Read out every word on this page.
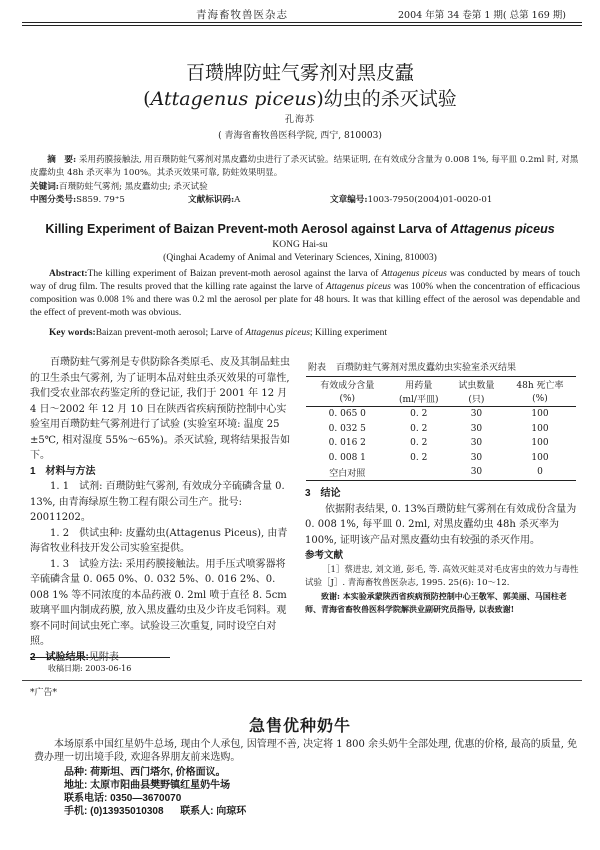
青海畜牧兽医杂志	2004 年第 34 卷第 1 期( 总第 169 期)
百瓒牌防蛀气雾剂对黑皮蠹
(Attagenus piceus)幼虫的杀灭试验
孔海苏
( 青海省畜牧兽医科学院, 西宁, 810003)
摘　要: 采用药膜接触法, 用百瓒防蛀气雾剂对黑皮蠹幼虫进行了杀灭试验。结果证明, 在有效成分含量为 0.008 1%, 每平皿 0.2ml 时, 对黑皮蠹幼虫 48h 杀灭率为 100%。其杀灭效果可靠, 防蛀效果明显。
关键词:百瓒防蛀气雾剂; 黑皮蠹幼虫; 杀灭试验
中图分类号:S859. 79⁺5	文献标识码:A	文章编号:1003-7950(2004)01-0020-01
Killing Experiment of Baizan Prevent-moth Aerosol against Larva of Attagenus piceus
KONG Hai-su
(Qinghai Academy of Animal and Veterinary Sciences, Xining, 810003)
Abstract:The killing experiment of Baizan prevent-moth aerosol against the larva of Attagenus piceus was conducted by mears of touch way of drug film. The results proved that the killing rate against the larve of Attagenus piceus was 100% when the concentration of efficacious composition was 0.008 1% and there was 0.2 ml the aerosol per plate for 48 hours. It was that killing effect of the aerosol was dependable and the effect of prevent-moth was obvious.
Key words:Baizan prevent-moth aerosol; Larve of Attagenus piceus; Killing experiment
百瓒防蛀气雾剂是专供防除各类原毛、皮及其制品蛀虫的卫生杀虫气雾剂, 为了证明本品对蛀虫杀灭效果的可靠性, 我们受农业部农药鉴定所的登记证, 我们于 2001 年 12 月 4 日～2002 年 12 月 10 日在陕西省疾病预防控制中心实验室用百瓒防蛀气雾剂进行了试验 (实验室环境: 温度 25 ±5℃, 相对湿度 55%～65%)。杀灭试验, 现将结果报告如下。
1　材料与方法
1. 1　试剂: 百瓒防蛀气雾剂, 有效成分辛硫磷含量 0. 13%, 由青海绿原生物工程有限公司生产。批号: 20011202。
1. 2　供试虫种: 皮蠹幼虫(Attagenus Piceus), 由青海省牧业科技开发公司实验室提供。
1. 3　试验方法: 采用药膜接触法。用手压式喷雾器将辛硫磷含量 0. 065 0%、0. 032 5%、0. 016 2%、0. 008 1% 等不同浓度的本品药液 0. 2ml 喷于直径 8. 5cm 玻璃平皿内制成药膜, 放入黑皮蠹幼虫及少许皮毛饲料。观察不同时间试虫死亡率。试验设三次重复, 同时设空白对照。
2　试验结果:见附表
收稿日期: 2003-06-16
附表 百瓒防蛀气雾剂对黑皮蠹幼虫实验室杀灭结果
有效成分含量	用药量	试虫数量	48h 死亡率
(%)	(ml/平皿)	(只)	(%)
0. 065 0	0. 2	30	100
0. 032 5	0. 2	30	100
0. 016 2	0. 2	30	100
0. 008 1	0. 2	30	100
空白对照		30	0
3　结论
依据附表结果, 0. 13%百瓒防蛀气雾剂在有效成份含量为 0. 008 1%, 每平皿 0. 2ml, 对黑皮蠹幼虫 48h 杀灭率为 100%, 证明该产品对黑皮蠹幼虫有较强的杀灭作用。
参考文献
［1］蔡进忠, 刘文道, 彭毛, 等. 高效灭蛀灵对毛皮害虫的效力与毒性试验［J］. 青海畜牧兽医杂志, 1995. 25(6): 10～12.
致谢: 本实验承蒙陕西省疾病预防控制中心王敬军、郭美丽、马国柱老师、青海省畜牧兽医科学院解洪业副研究员指导, 以表致谢!
*广告*
急售优种奶牛
本场原系中国红星奶牛总场, 现由个人承包, 因管理不善, 决定将 1 800 余头奶牛全部处理, 优惠的价格, 最高的质量, 免费办理一切出境手段, 欢迎各界朋友前来选购。
品种: 荷斯坦、西门塔尔, 价格面议。
地址: 太原市阳曲县樊野镇红星奶牛场
联系电话: 0350—3670070
手机: (0)13935010308 联系人: 向琼环
